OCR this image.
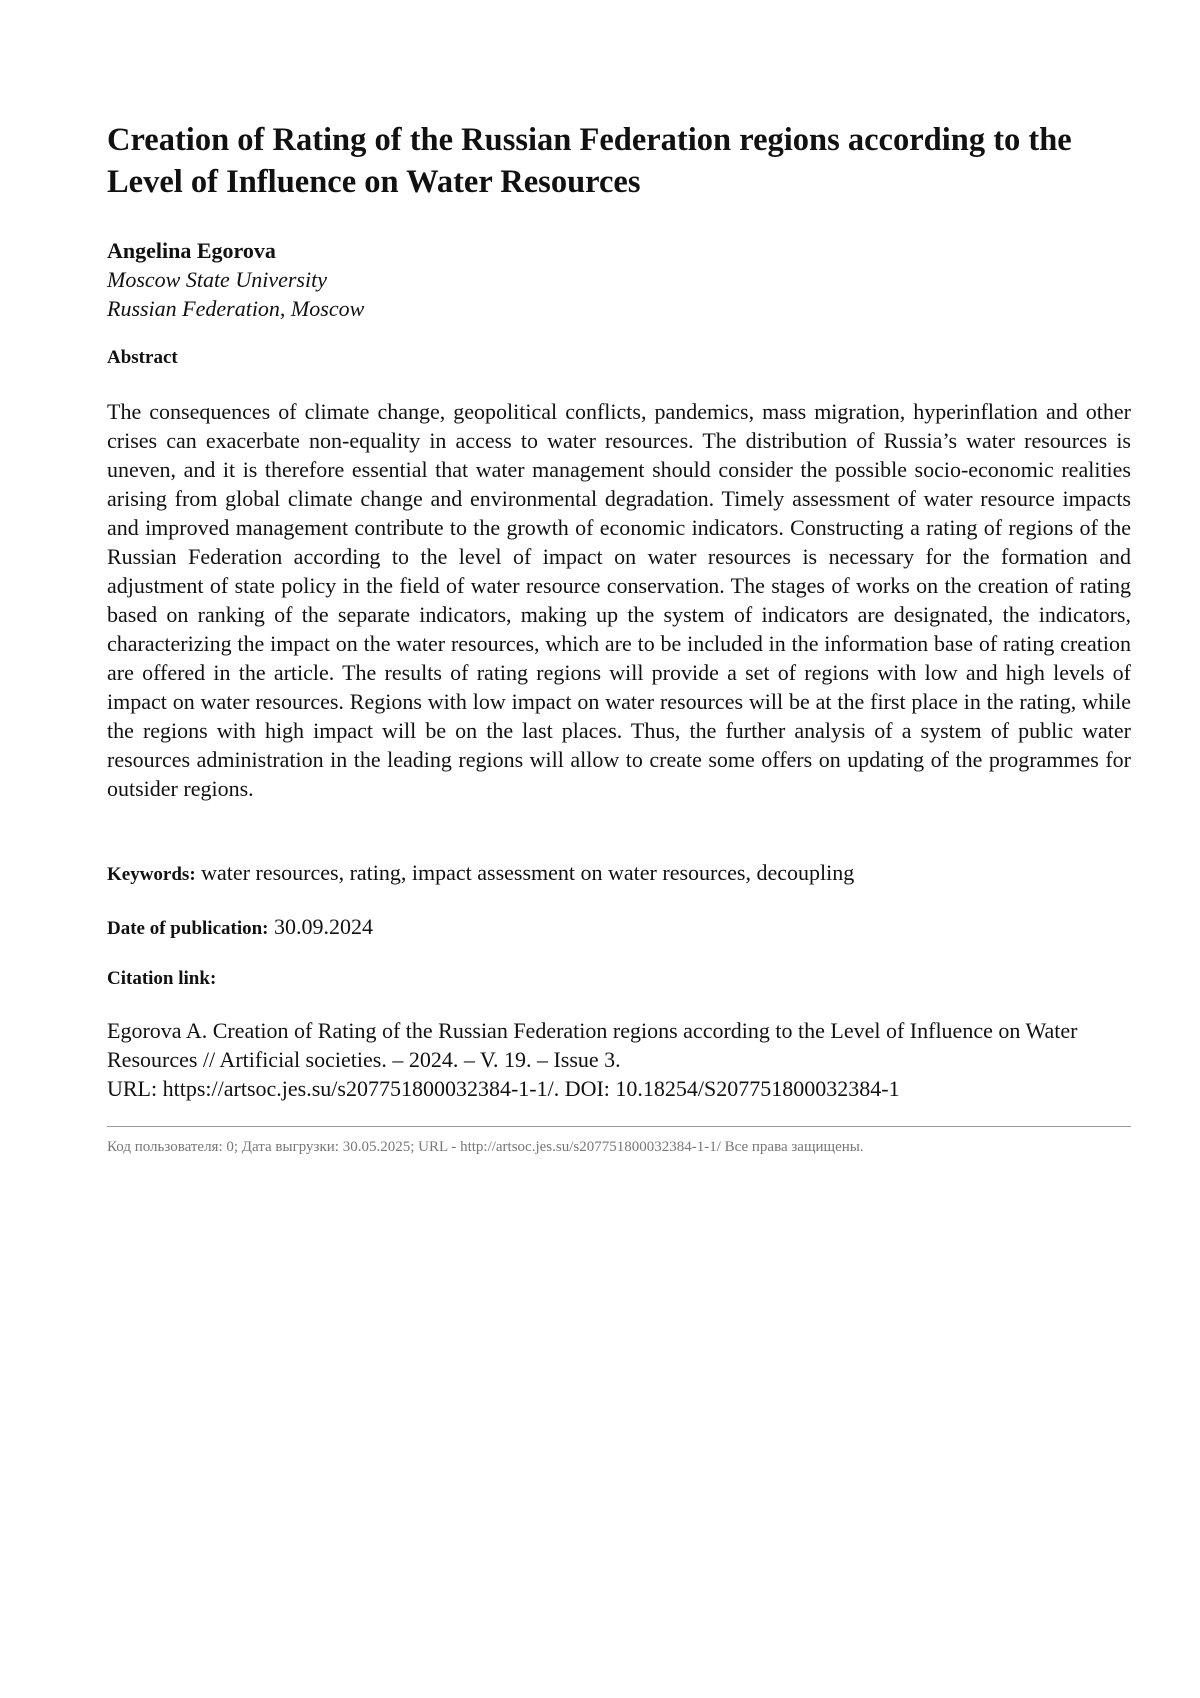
Creation of Rating of the Russian Federation regions according to the Level of Influence on Water Resources
Angelina Egorova
Moscow State University
Russian Federation, Moscow
Abstract

The consequences of climate change, geopolitical conflicts, pandemics, mass migration, hyperinflation and other crises can exacerbate non-equality in access to water resources. The distribution of Russia’s water resources is uneven, and it is therefore essential that water management should consider the possible socio-economic realities arising from global climate change and environmental degradation. Timely assessment of water resource impacts and improved management contribute to the growth of economic indicators. Constructing a rating of regions of the Russian Federation according to the level of impact on water resources is necessary for the formation and adjustment of state policy in the field of water resource conservation. The stages of works on the creation of rating based on ranking of the separate indicators, making up the system of indicators are designated, the indicators, characterizing the impact on the water resources, which are to be included in the information base of rating creation are offered in the article. The results of rating regions will provide a set of regions with low and high levels of impact on water resources. Regions with low impact on water resources will be at the first place in the rating, while the regions with high impact will be on the last places. Thus, the further analysis of a system of public water resources administration in the leading regions will allow to create some offers on updating of the programmes for outsider regions.

Keywords: water resources, rating, impact assessment on water resources, decoupling
Date of publication: 30.09.2024
Citation link:
Egorova A. Creation of Rating of the Russian Federation regions according to the Level of Influence on Water Resources // Artificial societies. – 2024. – V. 19. – Issue 3.
URL: https://artsoc.jes.su/s207751800032384-1-1/. DOI: 10.18254/S207751800032384-1
Код пользователя: 0; Дата выгрузки: 30.05.2025; URL - http://artsoc.jes.su/s207751800032384-1-1/ Все права защищены.
